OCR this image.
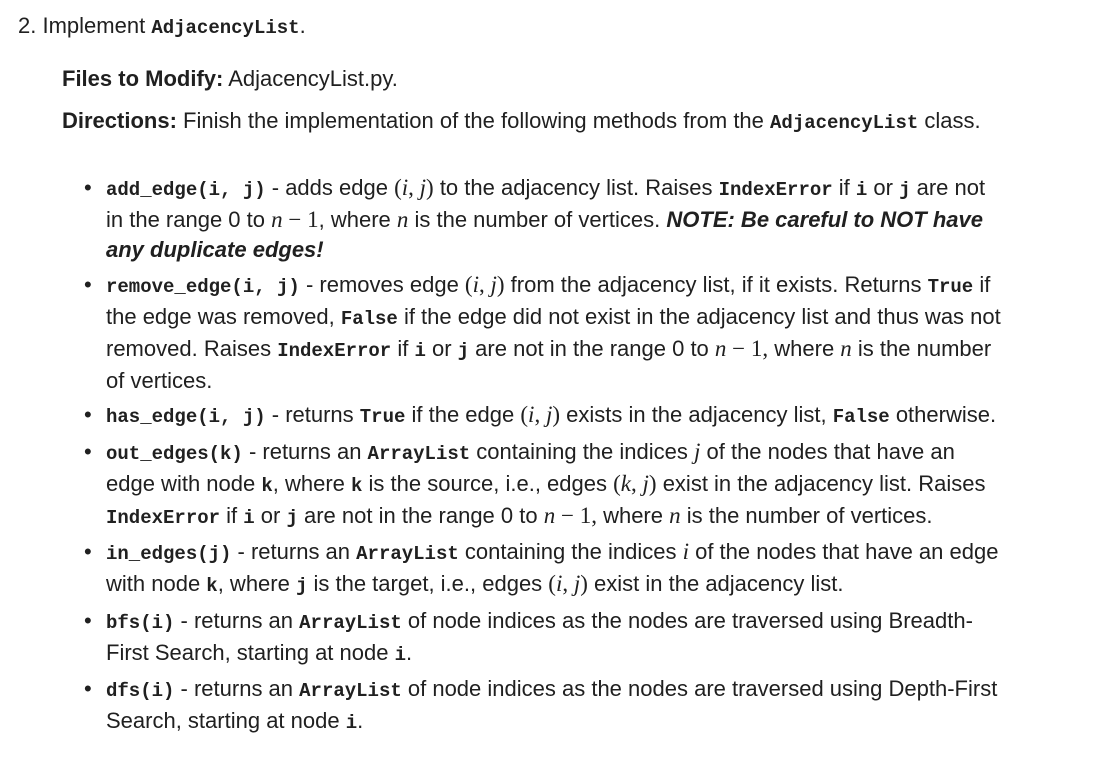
2. Implement AdjacencyList.
Files to Modify: AdjacencyList.py.
Directions: Finish the implementation of the following methods from the AdjacencyList class.
• add_edge(i, j) - adds edge (i, j) to the adjacency list. Raises IndexError if i or j are not in the range 0 to n − 1, where n is the number of vertices. NOTE: Be careful to NOT have any duplicate edges!
• remove_edge(i, j) - removes edge (i, j) from the adjacency list, if it exists. Returns True if the edge was removed, False if the edge did not exist in the adjacency list and thus was not removed. Raises IndexError if i or j are not in the range 0 to n − 1, where n is the number of vertices.
• has_edge(i, j) - returns True if the edge (i, j) exists in the adjacency list, False otherwise.
• out_edges(k) - returns an ArrayList containing the indices j of the nodes that have an edge with node k, where k is the source, i.e., edges (k, j) exist in the adjacency list. Raises IndexError if i or j are not in the range 0 to n − 1, where n is the number of vertices.
• in_edges(j) - returns an ArrayList containing the indices i of the nodes that have an edge with node k, where j is the target, i.e., edges (i, j) exist in the adjacency list.
• bfs(i) - returns an ArrayList of node indices as the nodes are traversed using Breadth-First Search, starting at node i.
• dfs(i) - returns an ArrayList of node indices as the nodes are traversed using Depth-First Search, starting at node i.
